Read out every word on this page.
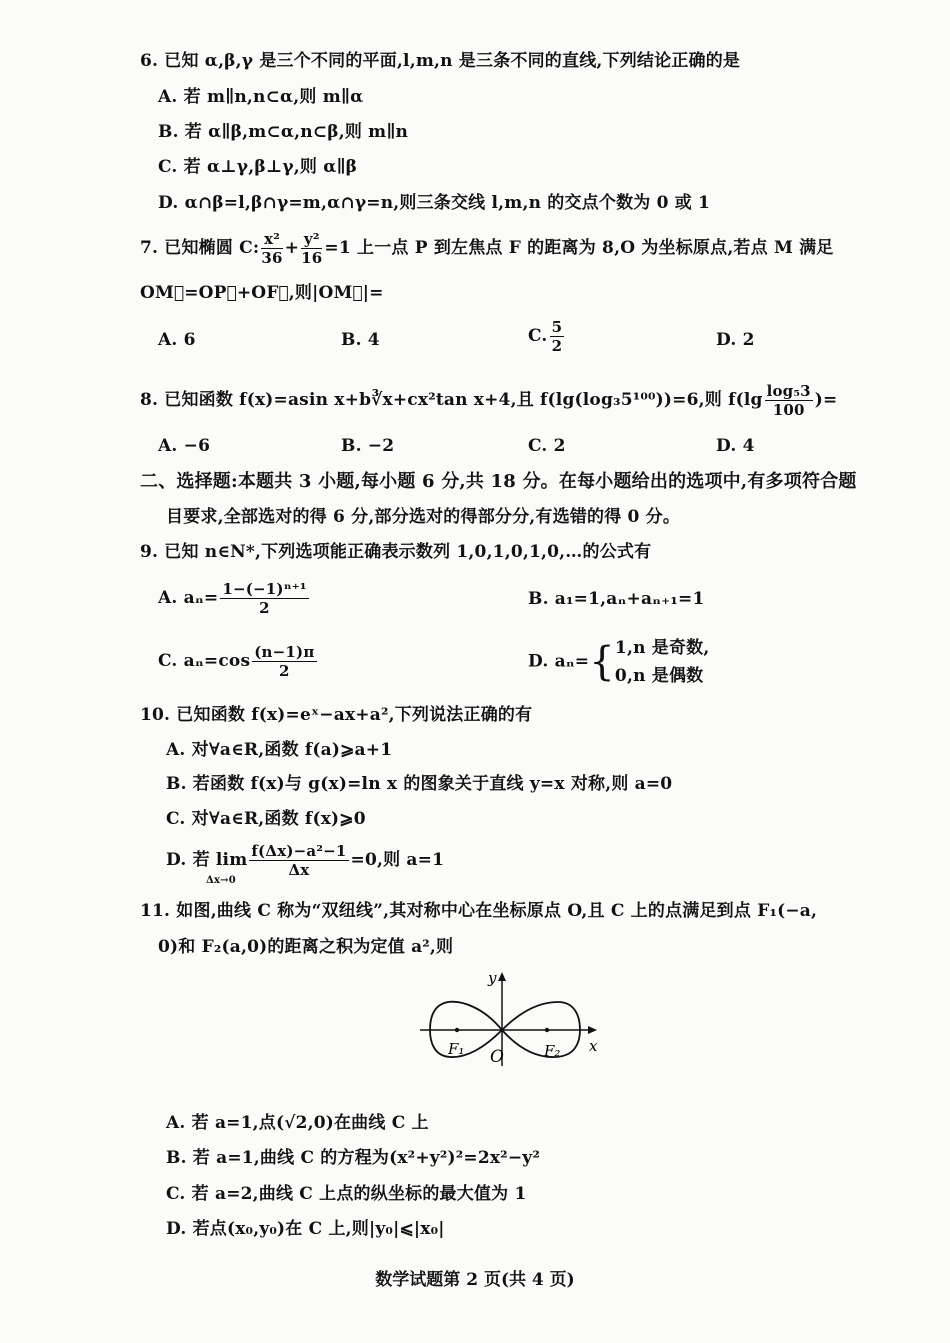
6. 已知 α,β,γ 是三个不同的平面,l,m,n 是三条不同的直线,下列结论正确的是
A. 若 m∥n,n⊂α,则 m∥α
B. 若 α∥β,m⊂α,n⊂β,则 m∥n
C. 若 α⊥γ,β⊥γ,则 α∥β
D. α∩β=l,β∩γ=m,α∩γ=n,则三条交线 l,m,n 的交点个数为 0 或 1
7. 已知椭圆 C: $\frac{\text{x²}}{36} + \frac{\text{y²}}{16} =1$ 上一点 P 到左焦点 F 的距离为 8,O 为坐标原点,若点 M 满足
OM⃗=OP⃗+OF⃗,则|OM⃗|=
A. 6	B. 4	C. $\frac{5}{2}$	D. 2
8. 已知函数 f(x)=asin x+b∛x+cx²tan x+4,且 f(lg(log₃5¹⁰⁰))=6,则 $f(\lg \frac{\text{log₅3}}{100}$ )=
A. −6	B. −2	C. 2	D. 4
二、选择题:本题共 3 小题,每小题 6 分,共 18 分。在每小题给出的选项中,有多项符合题
目要求,全部选对的得 6 分,部分选对的得部分分,有选错的得 0 分。
9. 已知 n∈N*,下列选项能正确表示数列 1,0,1,0,1,0,…的公式有
A. $a_n= \frac{\text{1−(−1)ⁿ⁺¹}}{2}$	B. a₁=1,aₙ+aₙ₊₁=1
C. $a_n=\cos \frac{(n-1)\pi}{2}$	D. aₙ={ 1,n 是奇数,
0,n 是偶数
10. 已知函数 f(x)=eˣ−ax+a²,下列说法正确的有
A. 对∀a∈R,函数 f(a)⩾a+1
B. 若函数 f(x)与 g(x)=ln x 的图象关于直线 y=x 对称,则 a=0
C. 对∀a∈R,函数 f(x)⩾0
D. 若 lim
Δx→0
$\frac{\text{f(Δx)−a²−1}}{\Delta x} =0$,则 a=1
11. 如图,曲线 C 称为“双纽线”,其对称中心在坐标原点 O,且 C 上的点满足到点 F₁(−a,
0)和 F₂(a,0)的距离之积为定值 a²,则
y
x
O
F₁	F₂
A. 若 a=1,点(√2,0)在曲线 C 上
B. 若 a=1,曲线 C 的方程为(x²+y²)²=2x²−y²
C. 若 a=2,曲线 C 上点的纵坐标的最大值为 1
D. 若点(x₀,y₀)在 C 上,则|y₀|⩽|x₀|
数学试题第 2 页(共 4 页)
